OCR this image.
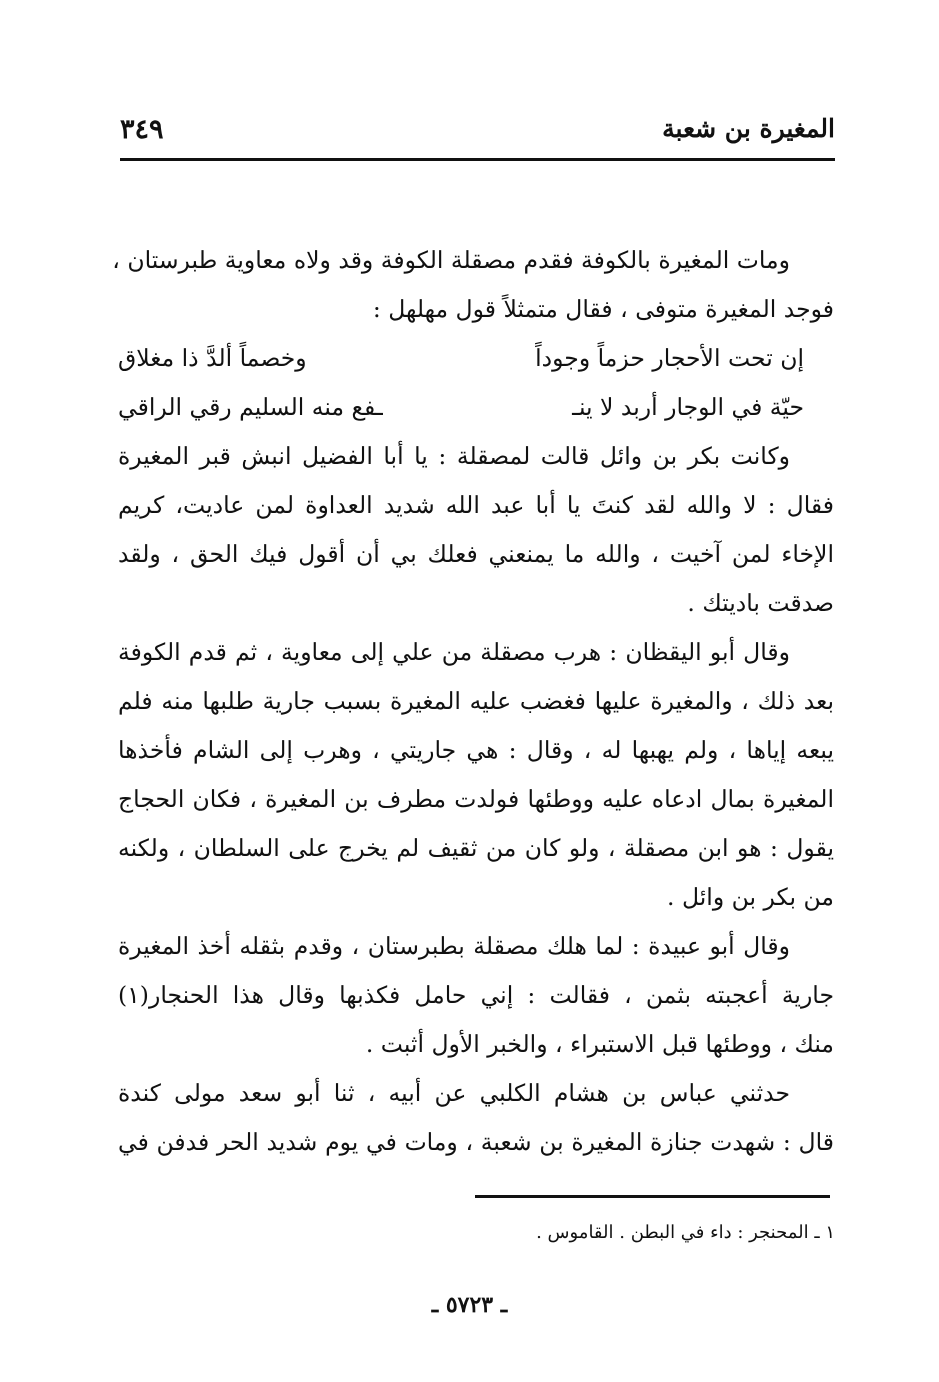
المغيرة بن شعبة
٣٤٩
ومات المغيرة بالكوفة فقدم مصقلة الكوفة وقد ولاه معاوية طبرستان ،
فوجد المغيرة متوفى ، فقال متمثلاً قول مهلهل :
إن تحت الأحجار حزماً وجوداً
وخصماً ألدَّ ذا مغلاق
حيّة في الوجار أربد لا ينـ
ـفع منه السليم رقي الراقي
وكانت بكر بن وائل قالت لمصقلة : يا أبا الفضيل انبش قبر المغيرة
فقال : لا والله لقد كنتَ يا أبا عبد الله شديد العداوة لمن عاديت، كريم
الإخاء لمن آخيت ، والله ما يمنعني فعلك بي أن أقول فيك الحق ، ولقد
صدقت باديتك .
وقال أبو اليقظان : هرب مصقلة من علي إلى معاوية ، ثم قدم الكوفة
بعد ذلك ، والمغيرة عليها فغضب عليه المغيرة بسبب جارية طلبها منه فلم
يبعه إياها ، ولم يهبها له ، وقال : هي جاريتي ، وهرب إلى الشام فأخذها
المغيرة بمال ادعاه عليه ووطئها فولدت مطرف بن المغيرة ، فكان الحجاج
يقول : هو ابن مصقلة ، ولو كان من ثقيف لم يخرج على السلطان ، ولكنه
من بكر بن وائل .
وقال أبو عبيدة : لما هلك مصقلة بطبرستان ، وقدم بثقله أخذ المغيرة
جارية أعجبته بثمن ، فقالت : إني حامل فكذبها وقال هذا الحنجار(١)
منك ، ووطئها قبل الاستبراء ، والخبر الأول أثبت .
حدثني عباس بن هشام الكلبي عن أبيه ، ثنا أبو سعد مولى كندة
قال : شهدت جنازة المغيرة بن شعبة ، ومات في يوم شديد الحر فدفن في
١ ـ المحنجر : داء في البطن . القاموس .
ـ ٥٧٢٣ ـ
